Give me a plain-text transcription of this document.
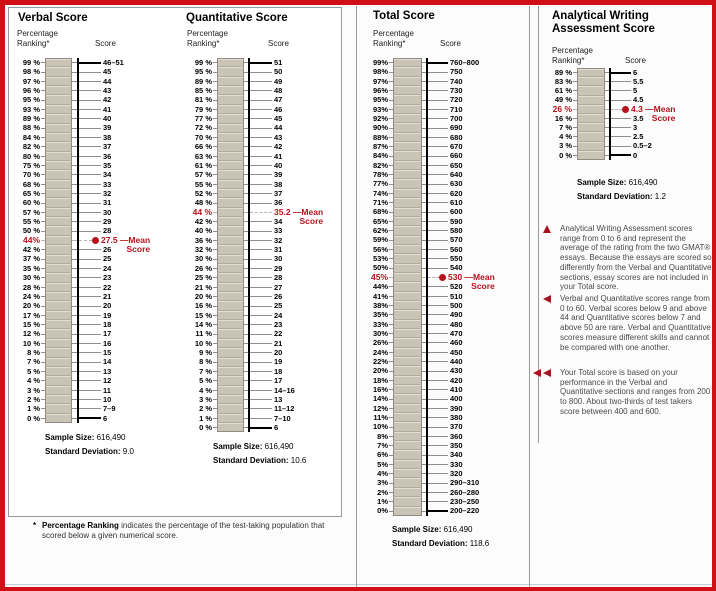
Verbal Score
Percentage
Ranking*	Score
99 %	46–51
98 %	45
97 %	44
96 %	43
95 %	42
93 %	41
89 %	40
88 %	39
84 %	38
82 %	37
80 %	36
75 %	35
70 %	34
68 %	33
65 %	32
60 %	31
57 %	30
55 %	29
50 %	28
44%	27.5 —Mean
Score
42 %	26
37 %	25
35 %	24
30 %	23
28 %	22
24 %	21
20 %	20
17 %	19
15 %	18
12 %	17
10 %	16
8 %	15
7 %	14
5 %	13
4 %	12
3 %	11
2 %	10
1 %	7–9
0 %	6
Sample Size: 616,490
Standard Deviation: 9.0
Quantitative Score
Percentage
Ranking*	Score
99 %	51
95 %	50
89 %	49
85 %	48
81 %	47
79 %	46
77 %	45
72 %	44
70 %	43
66 %	42
63 %	41
61 %	40
57 %	39
55 %	38
52 %	37
48 %	36
44 %	35.2 —Mean
Score
42 %	34
40 %	33
36 %	32
32 %	31
30 %	30
26 %	29
25 %	28
21 %	27
20 %	26
16 %	25
15 %	24
14 %	23
11 %	22
10 %	21
9 %	20
8 %	19
7 %	18
5 %	17
4 %	14–16
3 %	13
2 %	11–12
1 %	7–10
0 %	6
Sample Size: 616,490
Standard Deviation: 10.6
Total Score
Percentage
Ranking*	Score
99%	760–800
98%	750
97%	740
96%	730
95%	720
93%	710
92%	700
90%	690
88%	680
87%	670
84%	660
82%	650
78%	640
77%	630
74%	620
71%	610
68%	600
65%	590
62%	580
59%	570
56%	560
53%	550
50%	540
45%	530 —Mean
Score
44%	520
41%	510
38%	500
35%	490
33%	480
30%	470
26%	460
24%	450
22%	440
20%	430
18%	420
16%	410
14%	400
12%	390
11%	380
10%	370
8%	360
7%	350
6%	340
5%	330
4%	320
3%	290–310
2%	260–280
1%	230–250
0%	200–220
Sample Size: 616,490
Standard Deviation: 118.6
Analytical Writing Assessment Score
Percentage
Ranking*	Score
89 %	6
83 %	5.5
61 %	5
49 %	4.5
26 %	4.3 —Mean
Score
16 %	3.5
7 %	3
4 %	2.5
3 %	0.5–2
0 %	0
Sample Size: 616,490
Standard Deviation: 1.2
Analytical Writing Assessment scores range from 0 to 6 and represent the average of the rating from the two GMAT® essays. Because the essays are scored so differently from the Verbal and Quantitative sections, essay scores are not included in your Total score.
Verbal and Quantitative scores range from 0 to 60. Verbal scores below 9 and above 44 and Quantitative scores below 7 and above 50 are rare. Verbal and Quantitative scores measure different skills and cannot be compared with one another.
Your Total score is based on your performance in the Verbal and Quantitative sections and ranges from 200 to 800. About two-thirds of test takers score between 400 and 600.
* Percentage Ranking indicates the percentage of the test-taking population that scored below a given numerical score.
